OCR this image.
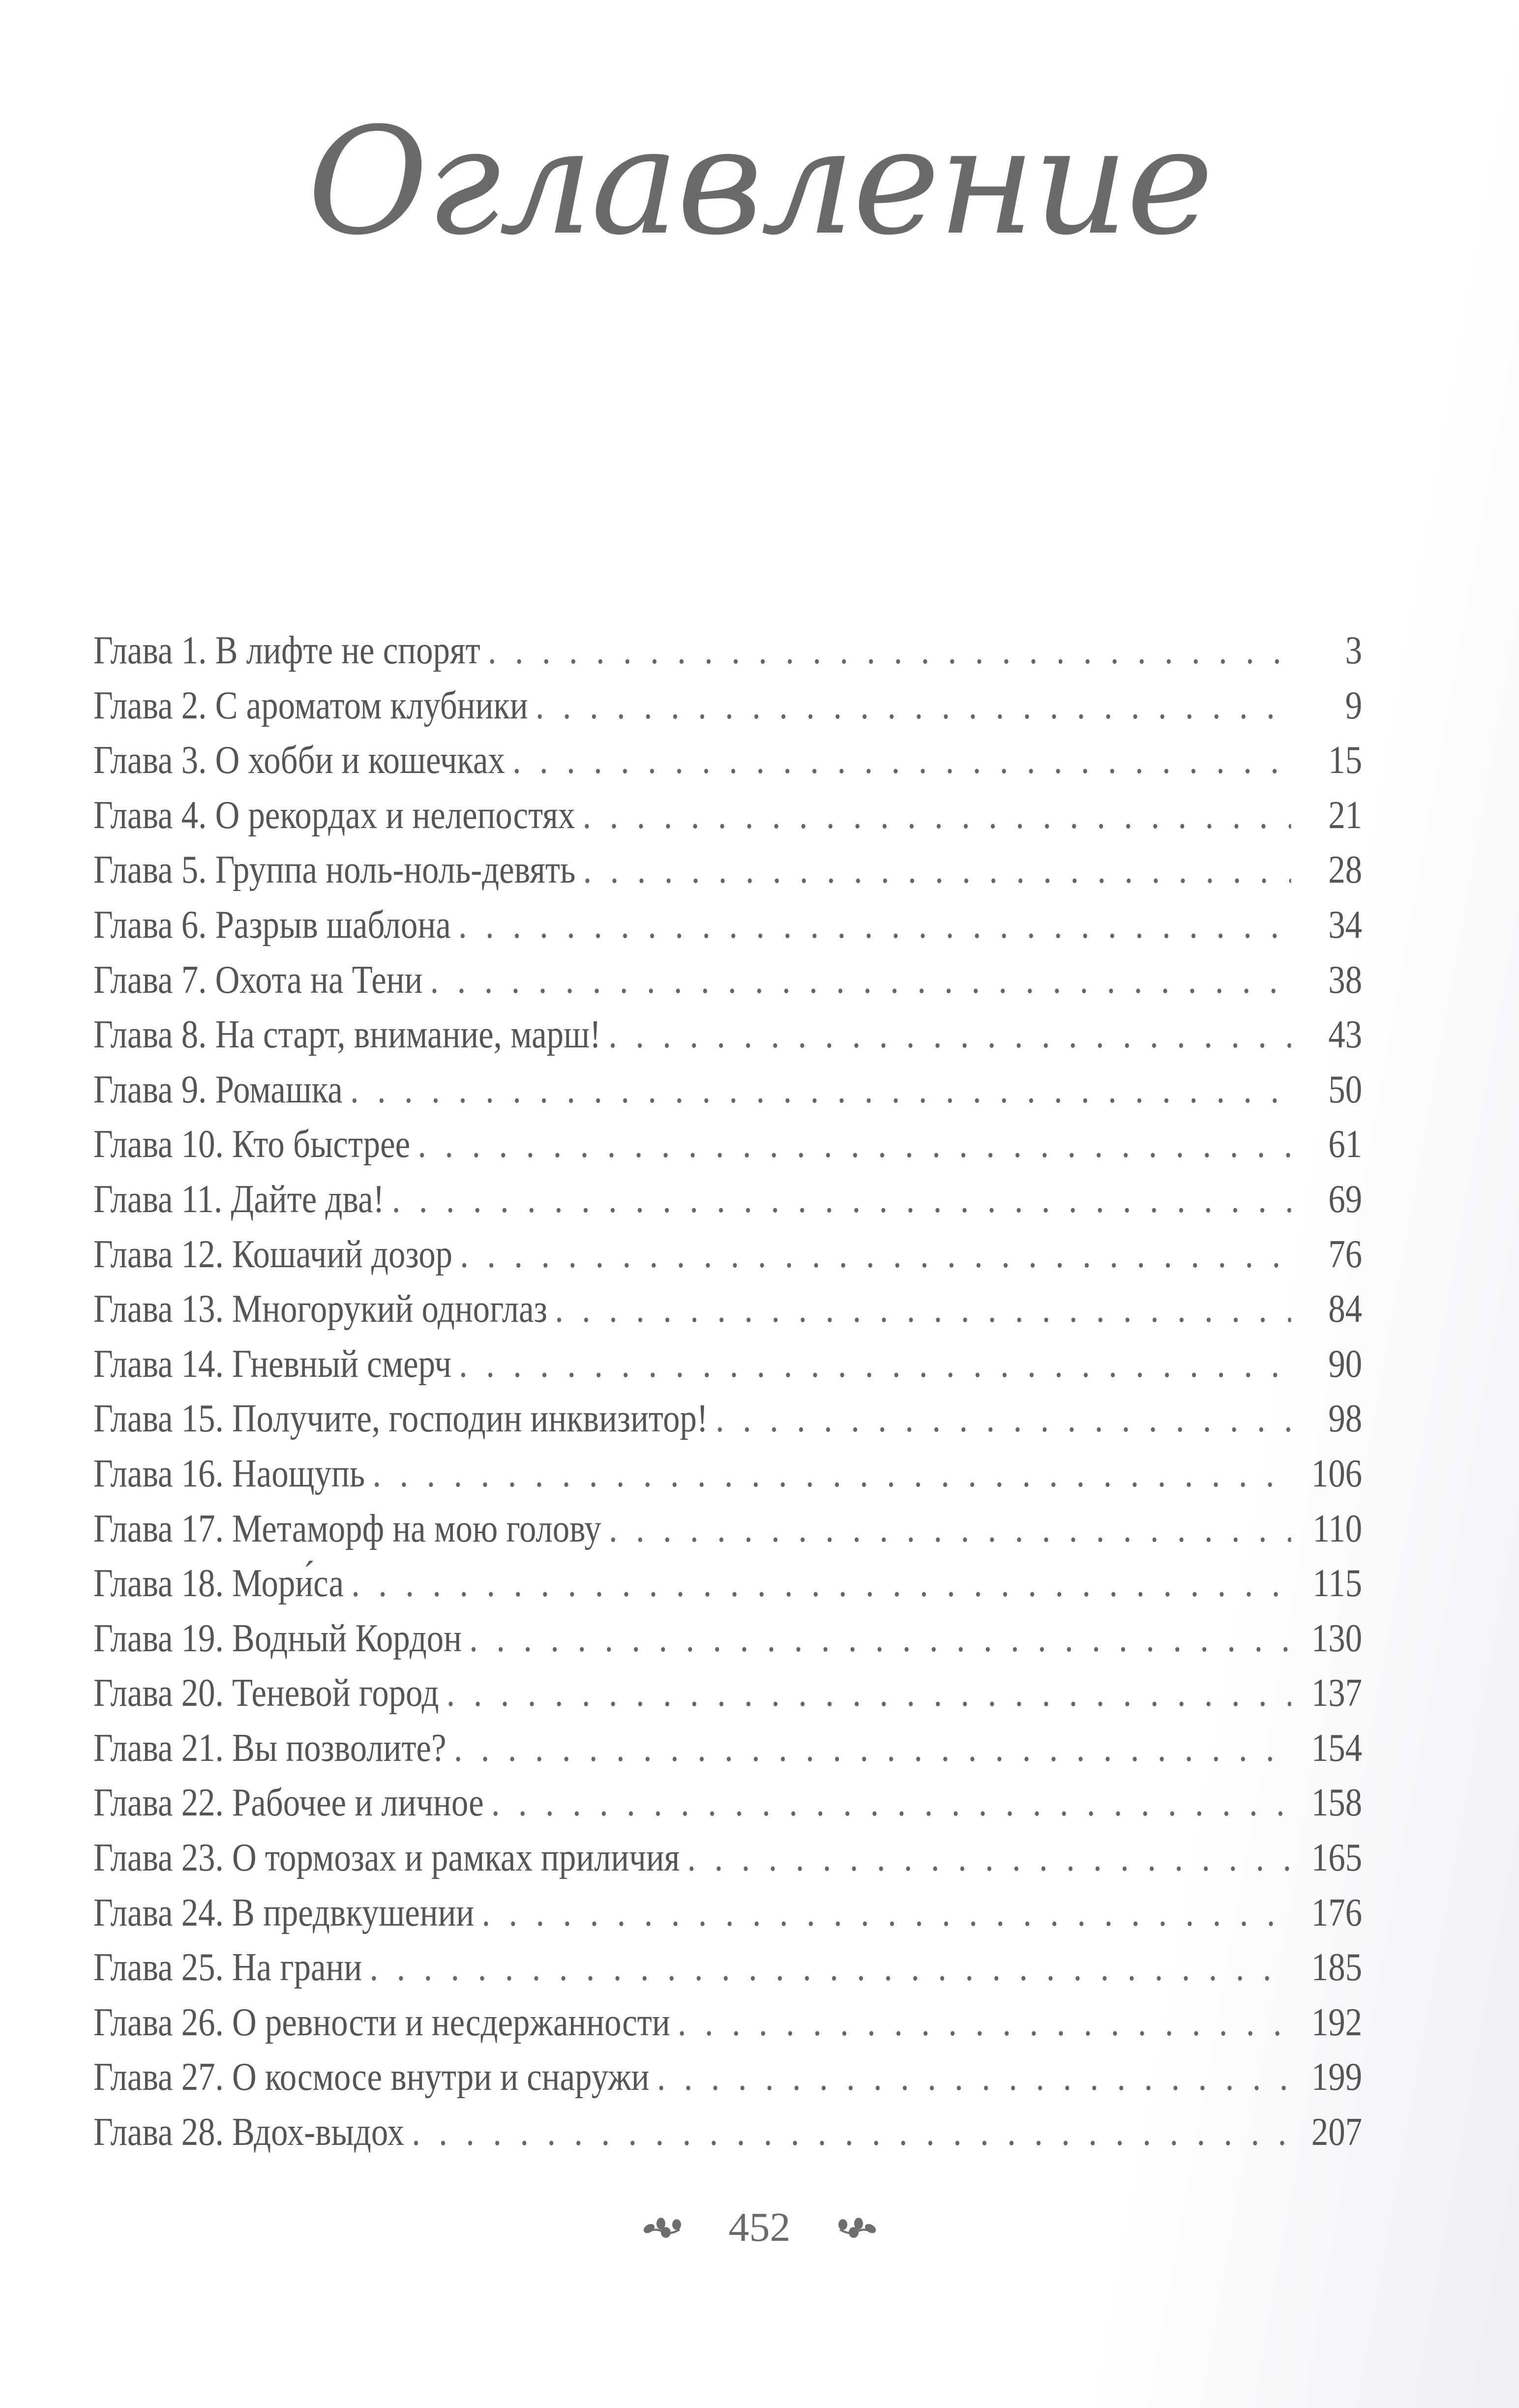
Оглавление
Глава 1. В лифте не спорят . . .	3
Глава 2. С ароматом клубники . . .	9
Глава 3. О хобби и кошечках . . .	15
Глава 4. О рекордах и нелепостях . . .	21
Глава 5. Группа ноль-ноль-девять . . .	28
Глава 6. Разрыв шаблона . . .	34
Глава 7. Охота на Тени . . .	38
Глава 8. На старт, внимание, марш! . . .	43
Глава 9. Ромашка . . .	50
Глава 10. Кто быстрее . . .	61
Глава 11. Дайте два! . . .	69
Глава 12. Кошачий дозор . . .	76
Глава 13. Многорукий одноглаз . . .	84
Глава 14. Гневный смерч . . .	90
Глава 15. Получите, господин инквизитор! . . .	98
Глава 16. Наощупь . . .	106
Глава 17. Метаморф на мою голову . . .	110
Глава 18. Мори́са . . .	115
Глава 19. Водный Кордон . . .	130
Глава 20. Теневой город . . .	137
Глава 21. Вы позволите? . . .	154
Глава 22. Рабочее и личное . . .	158
Глава 23. О тормозах и рамках приличия . . .	165
Глава 24. В предвкушении . . .	176
Глава 25. На грани . . .	185
Глава 26. О ревности и несдержанности . . .	192
Глава 27. О космосе внутри и снаружи . . .	199
Глава 28. Вдох-выдох . . .	207
452
